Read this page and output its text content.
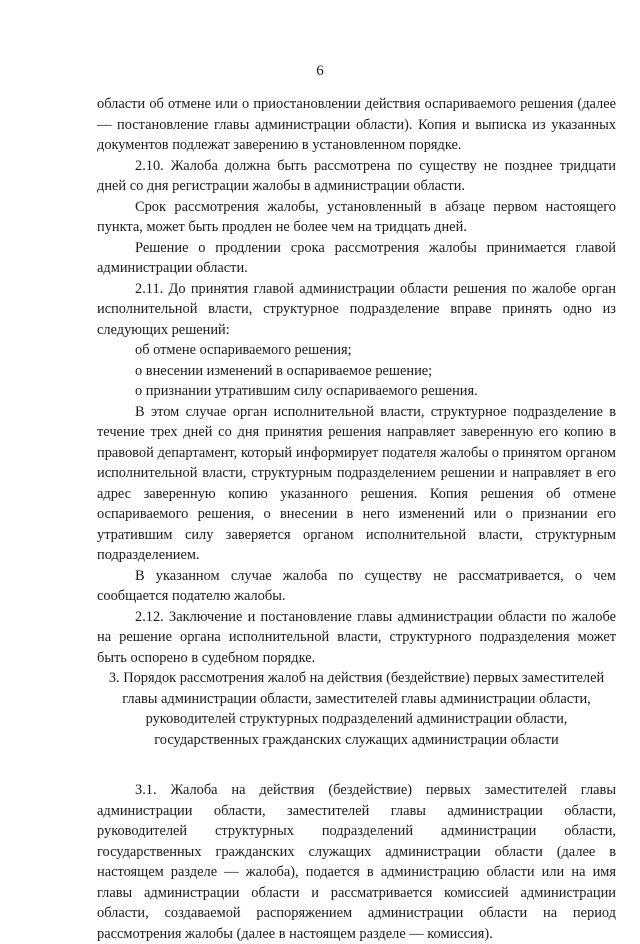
6

области об отмене или о приостановлении действия оспариваемого решения (далее — постановление главы администрации области). Копия и выписка из указанных документов подлежат заверению в установленном порядке.

2.10. Жалоба должна быть рассмотрена по существу не позднее тридцати дней со дня регистрации жалобы в администрации области.

Срок рассмотрения жалобы, установленный в абзаце первом настоящего пункта, может быть продлен не более чем на тридцать дней.

Решение о продлении срока рассмотрения жалобы принимается главой администрации области.

2.11. До принятия главой администрации области решения по жалобе орган исполнительной власти, структурное подразделение вправе принять одно из следующих решений:

об отмене оспариваемого решения;

о внесении изменений в оспариваемое решение;

о признании утратившим силу оспариваемого решения.

В этом случае орган исполнительной власти, структурное подразделение в течение трех дней со дня принятия решения направляет заверенную его копию в правовой департамент, который информирует подателя жалобы о принятом органом исполнительной власти, структурным подразделением решении и направляет в его адрес заверенную копию указанного решения. Копия решения об отмене оспариваемого решения, о внесении в него изменений или о признании его утратившим силу заверяется органом исполнительной власти, структурным подразделением.

В указанном случае жалоба по существу не рассматривается, о чем сообщается подателю жалобы.

2.12. Заключение и постановление главы администрации области по жалобе на решение органа исполнительной власти, структурного подразделения может быть оспорено в судебном порядке.

3. Порядок рассмотрения жалоб на действия (бездействие) первых заместителей главы администрации области, заместителей главы администрации области, руководителей структурных подразделений администрации области, государственных гражданских служащих администрации области

3.1. Жалоба на действия (бездействие) первых заместителей главы администрации области, заместителей главы администрации области, руководителей структурных подразделений администрации области, государственных гражданских служащих администрации области (далее в настоящем разделе — жалоба), подается в администрацию области или на имя главы администрации области и рассматривается комиссией администрации области, создаваемой распоряжением администрации области на период рассмотрения жалобы (далее в настоящем разделе — комиссия).
